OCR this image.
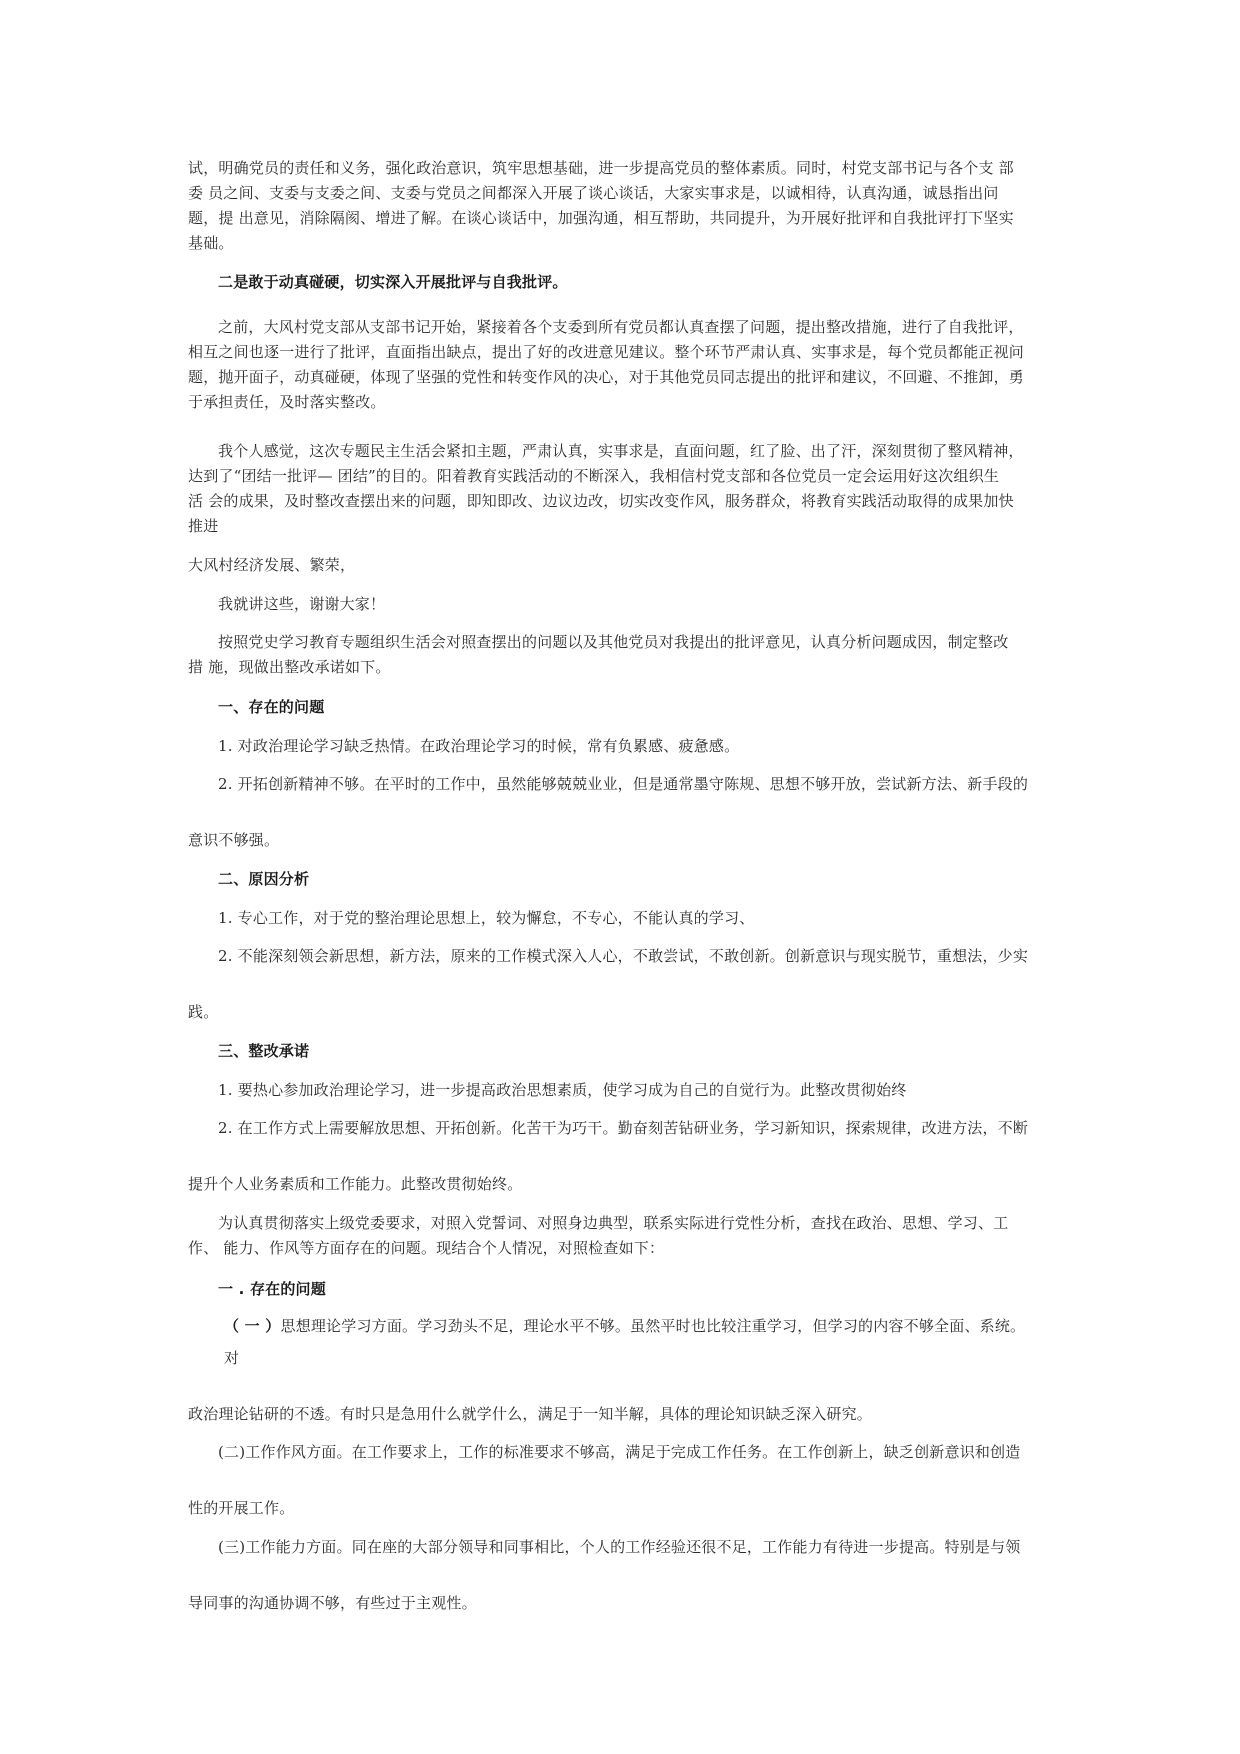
试，明确党员的责任和义务，强化政治意识，筑牢思想基础，进一步提高党员的整体素质。同时，村党支部书记与各个支 部
委 员之间、支委与支委之间、支委与党员之间都深入开展了谈心谈话，大家实事求是，以诚相待，认真沟通，诚恳指出问
题，提 出意见，消除隔阂、增进了解。在谈心谈话中，加强沟通，相互帮助，共同提升，为开展好批评和自我批评打下坚实
基础。
二是敢于动真碰硬，切实深入开展批评与自我批评。
之前，大风村党支部从支部书记开始，紧接着各个支委到所有党员都认真查摆了问题，提出整改措施，进行了自我批评，
相互之间也逐一进行了批评，直面指出缺点，提出了好的改进意见建议。整个环节严肃认真、实事求是，每个党员都能正视问
题，抛开面子，动真碰硬，体现了坚强的党性和转变作风的决心，对于其他党员同志提出的批评和建议，不回避、不推卸，勇
于承担责任，及时落实整改。
我个人感觉，这次专题民主生活会紧扣主题，严肃认真，实事求是，直面问题，红了脸、出了汗，深刻贯彻了整风精神，
达到了“团结一批评— 团结”的目的。阳着教育实践活动的不断深入，我相信村党支部和各位党员一定会运用好这次组织生
活 会的成果，及时整改查摆出来的问题，即知即改、边议边改，切实改变作风，服务群众，将教育实践活动取得的成果加快
推进
大风村经济发展、繁荣，
我就讲这些，谢谢大家！
按照党史学习教育专题组织生活会对照查摆出的问题以及其他党员对我提出的批评意见，认真分析问题成因，制定整改
措 施，现做出整改承诺如下。
一、存在的问题
1. 对政治理论学习缺乏热情。在政治理论学习的时候，常有负累感、疲惫感。
2. 开拓创新精神不够。在平时的工作中，虽然能够兢兢业业，但是通常墨守陈规、思想不够开放，尝试新方法、新手段的
意识不够强。
二、原因分析
1. 专心工作，对于党的整治理论思想上，较为懈怠，不专心，不能认真的学习、
2. 不能深刻领会新思想，新方法，原来的工作模式深入人心，不敢尝试，不敢创新。创新意识与现实脱节，重想法，少实
践。
三、整改承诺
1. 要热心参加政治理论学习，进一步提高政治思想素质，使学习成为自己的自觉行为。此整改贯彻始终
2. 在工作方式上需要解放思想、开拓创新。化苦干为巧干。勤奋刻苦钻研业务，学习新知识，探索规律，改进方法，不断
提升个人业务素质和工作能力。此整改贯彻始终。
为认真贯彻落实上级党委要求，对照入党誓词、对照身边典型，联系实际进行党性分析，查找在政治、思想、学习、工
作、 能力、作风等方面存在的问题。现结合个人情况，对照检查如下：
一 . 存在的问题
（ 一 ）思想理论学习方面。学习劲头不足，理论水平不够。虽然平时也比较注重学习，但学习的内容不够全面、系统。
对
政治理论钻研的不透。有时只是急用什么就学什么，满足于一知半解，具体的理论知识缺乏深入研究。
(二)工作作风方面。在工作要求上，工作的标准要求不够高，满足于完成工作任务。在工作创新上，缺乏创新意识和创造
性的开展工作。
(三)工作能力方面。同在座的大部分领导和同事相比，个人的工作经验还很不足，工作能力有待进一步提高。特别是与领
导同事的沟通协调不够，有些过于主观性。
